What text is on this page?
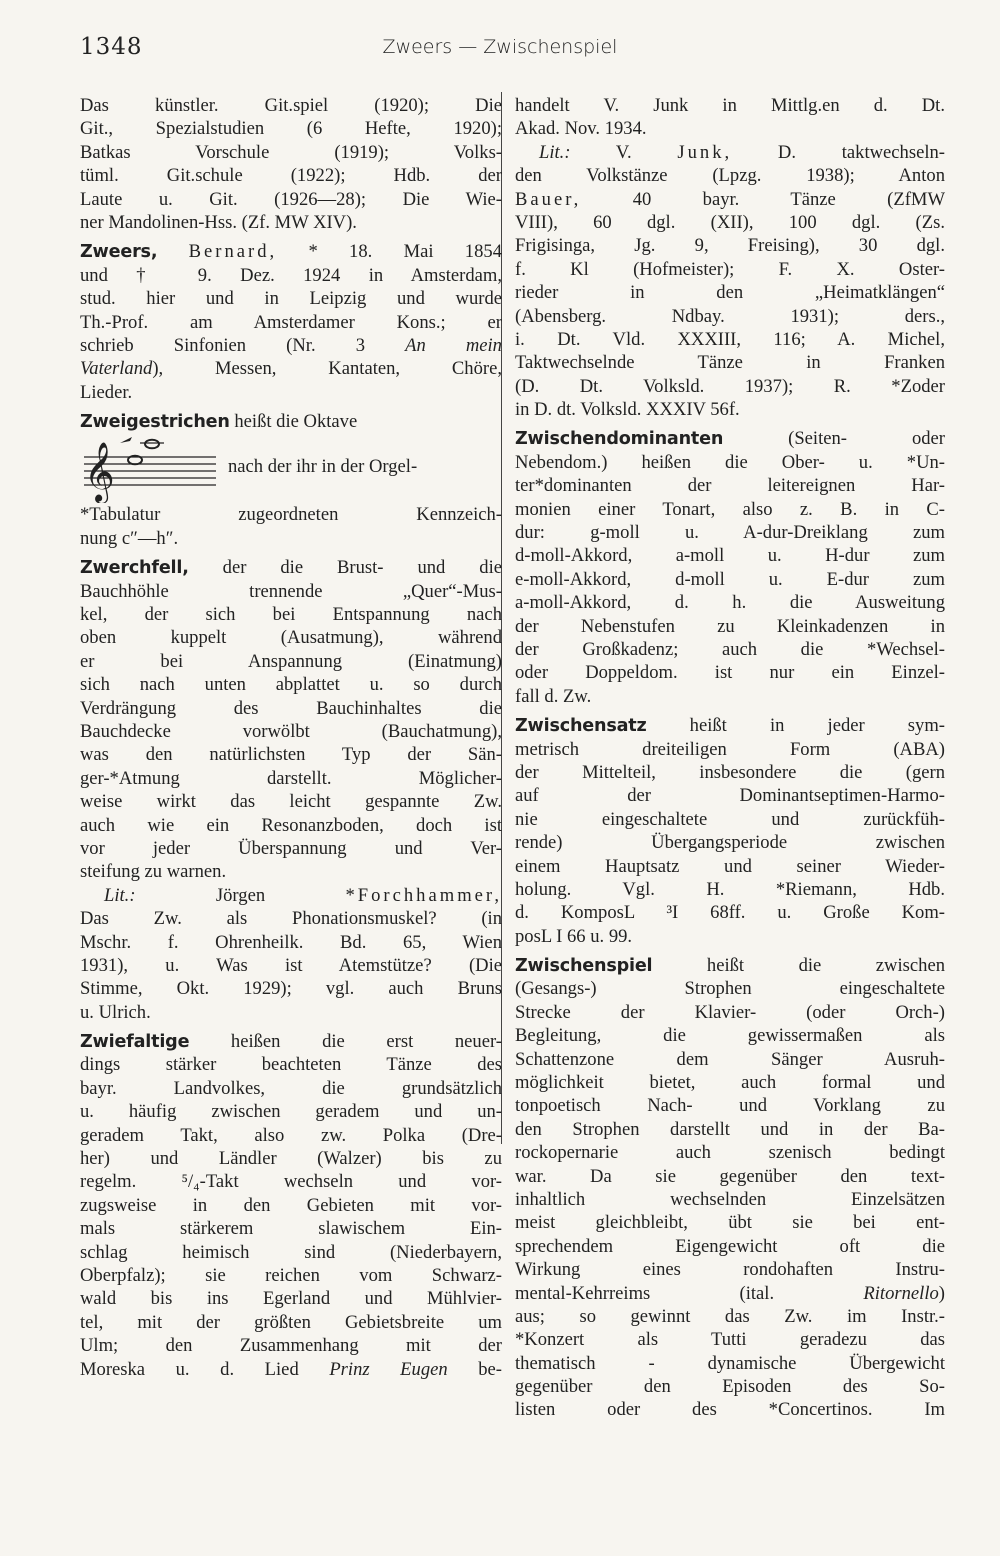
1348	Zweers — Zwischenspiel
Das künstler. Git.spiel (1920); Die
Git., Spezialstudien (6 Hefte, 1920);
Batkas Vorschule (1919); Volks-
tüml. Git.schule (1922); Hdb. der
Laute u. Git. (1926—28); Die Wie-
ner Mandolinen-Hss. (Zf. MW XIV).
Zweers, Bernard, * 18. Mai 1854
und † 9. Dez. 1924 in Amsterdam,
stud. hier und in Leipzig und wurde
Th.-Prof. am Amsterdamer Kons.; er
schrieb Sinfonien (Nr. 3 An mein
Vaterland), Messen, Kantaten, Chöre,
Lieder.
Zweigestrichen heißt die Oktave
𝄞	nach der ihr in der Orgel-
*Tabulatur zugeordneten Kennzeich-
nung c″—h″.
Zwerchfell, der die Brust- und die
Bauchhöhle trennende „Quer“-Mus-
kel, der sich bei Entspannung nach
oben kuppelt (Ausatmung), während
er bei Anspannung (Einatmung)
sich nach unten abplattet u. so durch
Verdrängung des Bauchinhaltes die
Bauchdecke vorwölbt (Bauchatmung),
was den natürlichsten Typ der Sän-
ger-*Atmung darstellt. Möglicher-
weise wirkt das leicht gespannte Zw.
auch wie ein Resonanzboden, doch ist
vor jeder Überspannung und Ver-
steifung zu warnen.
Lit.: Jörgen *Forchhammer,
Das Zw. als Phonationsmuskel? (in
Mschr. f. Ohrenheilk. Bd. 65, Wien
1931), u. Was ist Atemstütze? (Die
Stimme, Okt. 1929); vgl. auch Bruns
u. Ulrich.
Zwiefaltige heißen die erst neuer-
dings stärker beachteten Tänze des
bayr. Landvolkes, die grundsätzlich
u. häufig zwischen geradem und un-
geradem Takt, also zw. Polka (Dre-
her) und Ländler (Walzer) bis zu
regelm. ⁵/₄-Takt wechseln und vor-
zugsweise in den Gebieten mit vor-
mals stärkerem slawischem Ein-
schlag heimisch sind (Niederbayern,
Oberpfalz); sie reichen vom Schwarz-
wald bis ins Egerland und Mühlvier-
tel, mit der größten Gebietsbreite um
Ulm; den Zusammenhang mit der
Moreska u. d. Lied Prinz Eugen be-
handelt V. Junk in Mittlg.en d. Dt.
Akad. Nov. 1934.
Lit.: V. Junk, D. taktwechseln-
den Volkstänze (Lpzg. 1938); Anton
Bauer, 40 bayr. Tänze (ZfMW
VIII), 60 dgl. (XII), 100 dgl. (Zs.
Frigisinga, Jg. 9, Freising), 30 dgl.
f. Kl (Hofmeister); F. X. Oster-
rieder in den „Heimatklängen“
(Abensberg. Ndbay. 1931); ders.,
i. Dt. Vld. XXXIII, 116; A. Michel,
Taktwechselnde Tänze in Franken
(D. Dt. Volksld. 1937); R. *Zoder
in D. dt. Volksld. XXXIV 56f.
Zwischendominanten (Seiten- oder
Nebendom.) heißen die Ober- u. *Un-
ter*dominanten der leitereignen Har-
monien einer Tonart, also z. B. in C-
dur: g-moll u. A-dur-Dreiklang zum
d-moll-Akkord, a-moll u. H-dur zum
e-moll-Akkord, d-moll u. E-dur zum
a-moll-Akkord, d. h. die Ausweitung
der Nebenstufen zu Kleinkadenzen in
der Großkadenz; auch die *Wechsel-
oder Doppeldom. ist nur ein Einzel-
fall d. Zw.
Zwischensatz heißt in jeder sym-
metrisch dreiteiligen Form (ABA)
der Mittelteil, insbesondere die (gern
auf der Dominantseptimen-Harmo-
nie eingeschaltete und zurückfüh-
rende) Übergangsperiode zwischen
einem Hauptsatz und seiner Wieder-
holung. Vgl. H. *Riemann, Hdb.
d. KomposL ³I 68ff. u. Große Kom-
posL I 66 u. 99.
Zwischenspiel heißt die zwischen
(Gesangs-) Strophen eingeschaltete
Strecke der Klavier- (oder Orch-)
Begleitung, die gewissermaßen als
Schattenzone dem Sänger Ausruh-
möglichkeit bietet, auch formal und
tonpoetisch Nach- und Vorklang zu
den Strophen darstellt und in der Ba-
rockopernarie auch szenisch bedingt
war. Da sie gegenüber den text-
inhaltlich wechselnden Einzelsätzen
meist gleichbleibt, übt sie bei ent-
sprechendem Eigengewicht oft die
Wirkung eines rondohaften Instru-
mental-Kehrreims (ital.	Ritornello)
aus; so gewinnt das Zw. im Instr.-
*Konzert als Tutti geradezu das
thematisch - dynamische Übergewicht
gegenüber den Episoden des So-
listen oder des *Concertinos. Im
